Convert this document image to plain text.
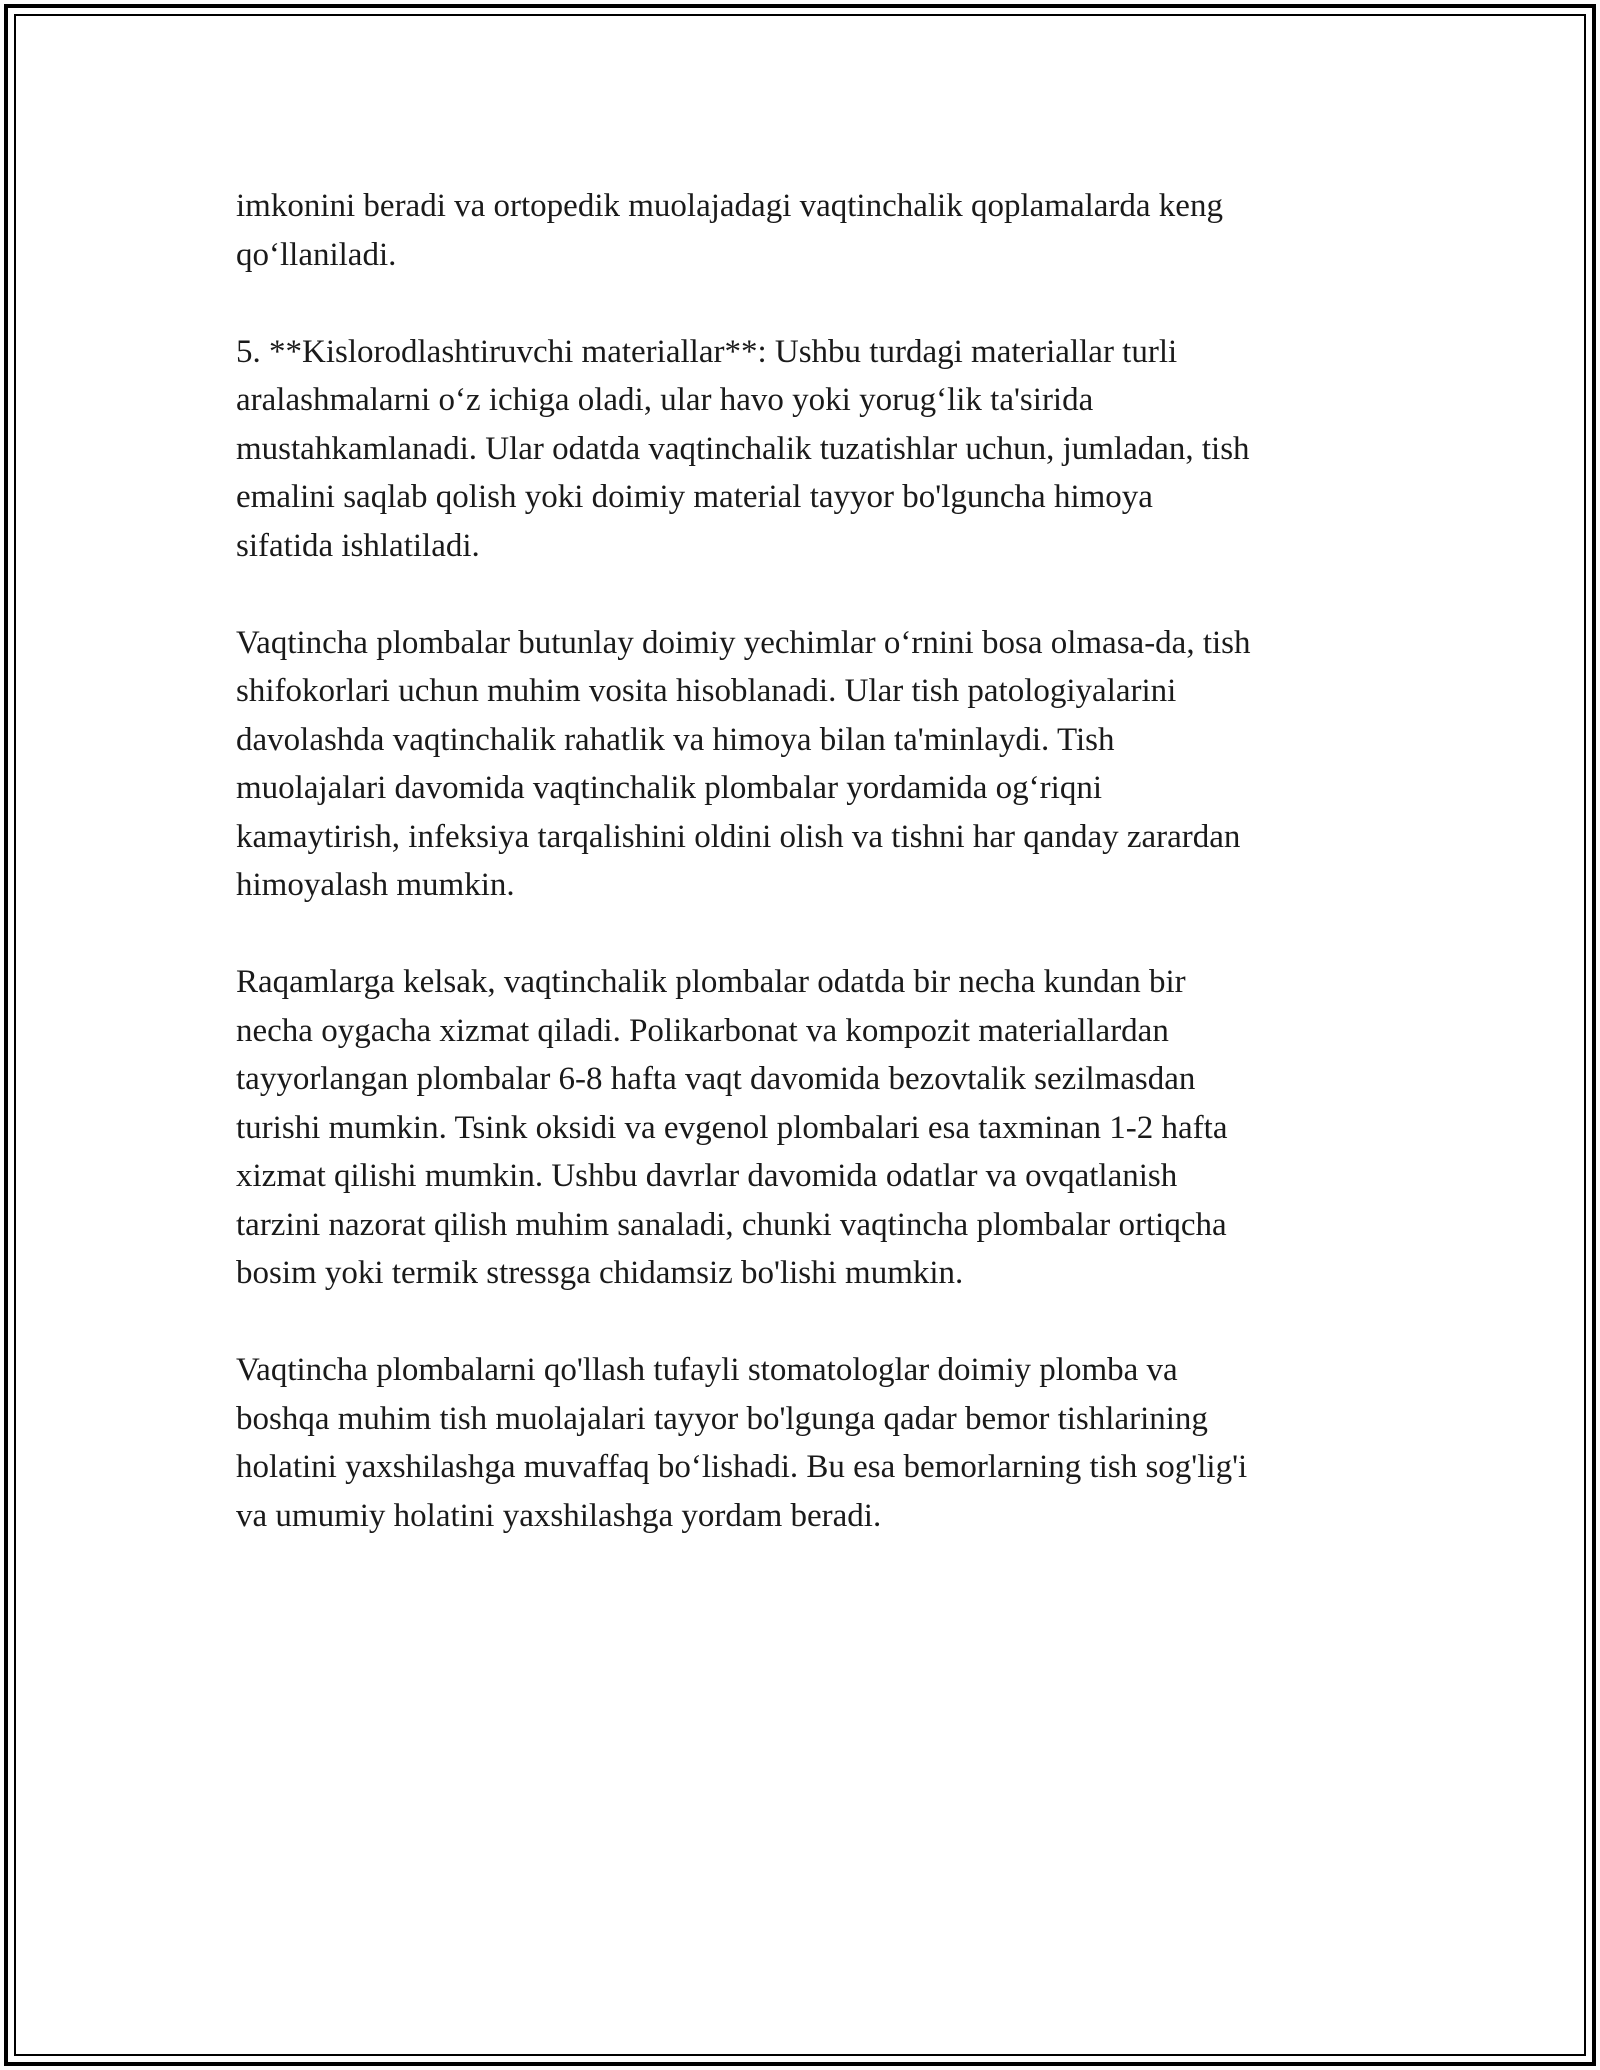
imkonini beradi va ortopedik muolajadagi vaqtinchalik qoplamalarda keng
qo‘llaniladi.

5. **Kislorodlashtiruvchi materiallar**: Ushbu turdagi materiallar turli
aralashmalarni o‘z ichiga oladi, ular havo yoki yorug‘lik ta'sirida
mustahkamlanadi. Ular odatda vaqtinchalik tuzatishlar uchun, jumladan, tish
emalini saqlab qolish yoki doimiy material tayyor bo'lguncha himoya
sifatida ishlatiladi.

Vaqtincha plombalar butunlay doimiy yechimlar o‘rnini bosa olmasa-da, tish
shifokorlari uchun muhim vosita hisoblanadi. Ular tish patologiyalarini
davolashda vaqtinchalik rahatlik va himoya bilan ta'minlaydi. Tish
muolajalari davomida vaqtinchalik plombalar yordamida og‘riqni
kamaytirish, infeksiya tarqalishini oldini olish va tishni har qanday zarardan
himoyalash mumkin.

Raqamlarga kelsak, vaqtinchalik plombalar odatda bir necha kundan bir
necha oygacha xizmat qiladi. Polikarbonat va kompozit materiallardan
tayyorlangan plombalar 6-8 hafta vaqt davomida bezovtalik sezilmasdan
turishi mumkin. Tsink oksidi va evgenol plombalari esa taxminan 1-2 hafta
xizmat qilishi mumkin. Ushbu davrlar davomida odatlar va ovqatlanish
tarzini nazorat qilish muhim sanaladi, chunki vaqtincha plombalar ortiqcha
bosim yoki termik stressga chidamsiz bo'lishi mumkin.

Vaqtincha plombalarni qo'llash tufayli stomatologlar doimiy plomba va
boshqa muhim tish muolajalari tayyor bo'lgunga qadar bemor tishlarining
holatini yaxshilashga muvaffaq bo‘lishadi. Bu esa bemorlarning tish sog'lig'i
va umumiy holatini yaxshilashga yordam beradi.
